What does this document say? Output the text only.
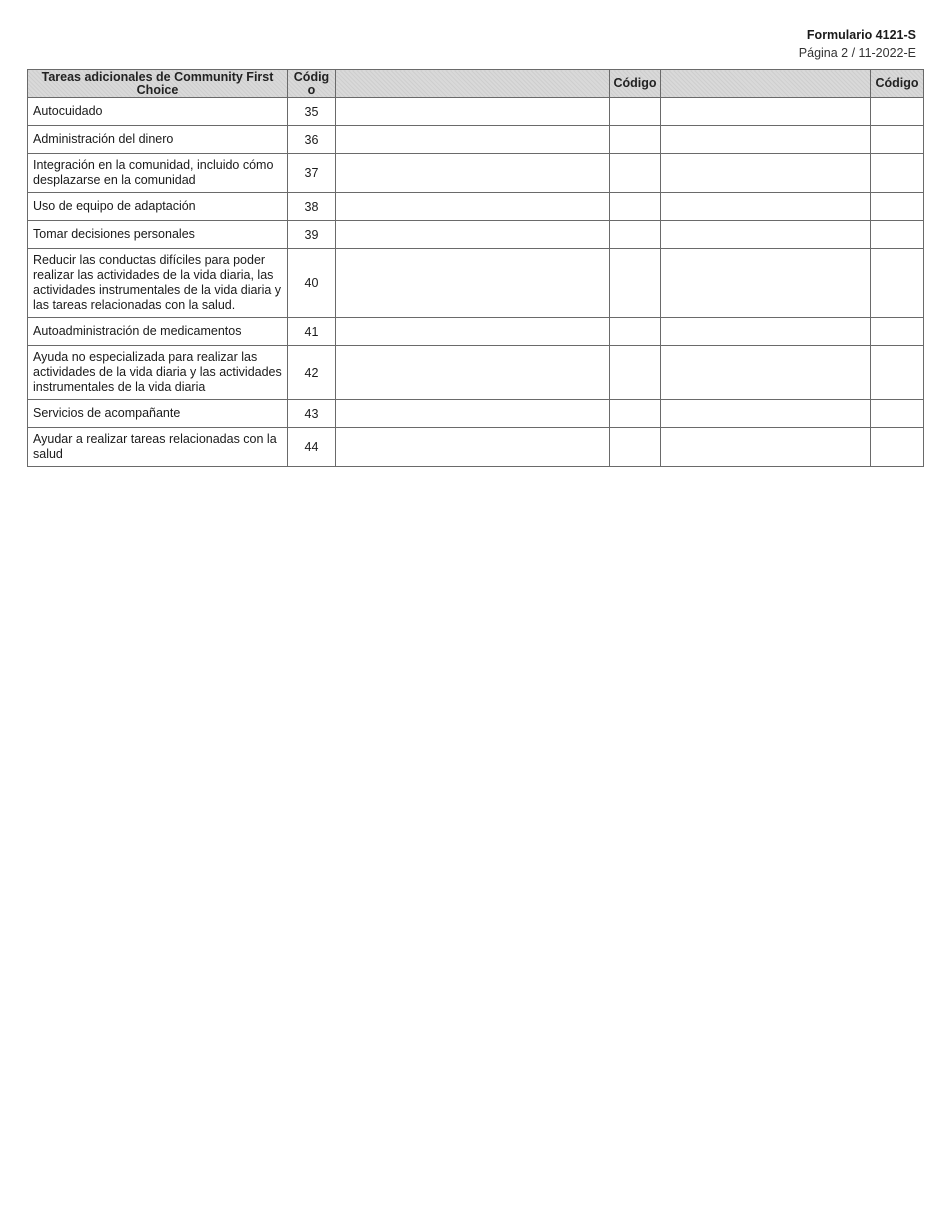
Formulario 4121-S
Página 2 / 11-2022-E
Tareas adicionales de Community First Choice	Código		Código		Código
Autocuidado	35				
Administración del dinero	36				
Integración en la comunidad, incluido cómo desplazarse en la comunidad	37				
Uso de equipo de adaptación	38				
Tomar decisiones personales	39				
Reducir las conductas difíciles para poder realizar las actividades de la vida diaria, las actividades instrumentales de la vida diaria y las tareas relacionadas con la salud.	40				
Autoadministración de medicamentos	41				
Ayuda no especializada para realizar las actividades de la vida diaria y las actividades instrumentales de la vida diaria	42				
Servicios de acompañante	43				
Ayudar a realizar tareas relacionadas con la salud	44				
